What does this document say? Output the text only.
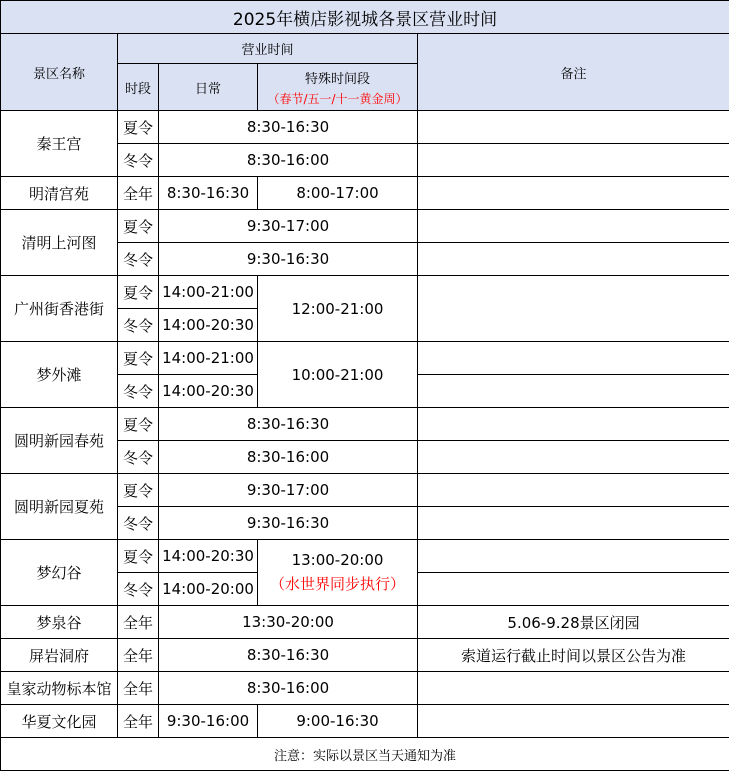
2025年横店影视城各景区营业时间				
景区名称	营业时间			备注
	时段	日常	特殊时间段
（春节/五一/十一黄金周）	

秦王宫	夏令	8:30-16:30		
	冬令	8:30-16:00		
明清宫苑	全年	8:30-16:30	8:00-17:00	
清明上河图	夏令	9:30-17:00		
	冬令	9:30-16:30		
广州街香港街	夏令	14:00-21:00	12:00-21:00	
	冬令	14:00-20:30		
梦外滩	夏令	14:00-21:00	10:00-21:00	
	冬令	14:00-20:30		
圆明新园春苑	夏令	8:30-16:30		
	冬令	8:30-16:00		
圆明新园夏苑	夏令	9:30-17:00		
	冬令	9:30-16:30		
梦幻谷	夏令	14:00-20:30	13:00-20:00
（水世界同步执行）	

	冬令	14:00-20:00		
梦泉谷	全年	13:30-20:00		5.06-9.28景区闭园
屏岩洞府	全年	8:30-16:30		索道运行截止时间以景区公告为准
皇家动物标本馆	全年	8:30-16:00		
华夏文化园	全年	9:30-16:00	9:00-16:30	
注意：实际以景区当天通知为准				
